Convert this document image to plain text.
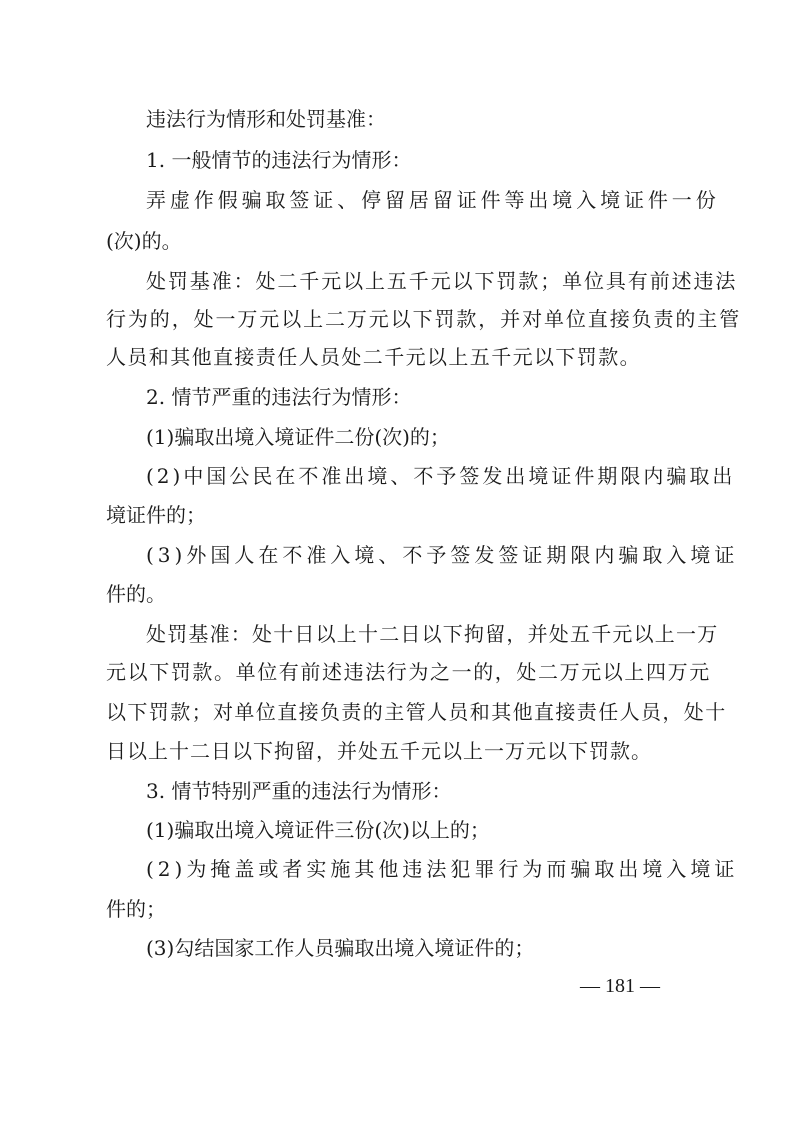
违法行为情形和处罚基准：
1. 一般情节的违法行为情形：
弄虚作假骗取签证、停留居留证件等出境入境证件一份
(次)的。
处罚基准：处二千元以上五千元以下罚款；单位具有前述违法
行为的，处一万元以上二万元以下罚款，并对单位直接负责的主管
人员和其他直接责任人员处二千元以上五千元以下罚款。
2. 情节严重的违法行为情形：
(1)骗取出境入境证件二份(次)的；
(2)中国公民在不准出境、不予签发出境证件期限内骗取出
境证件的；
(3)外国人在不准入境、不予签发签证期限内骗取入境证
件的。
处罚基准：处十日以上十二日以下拘留，并处五千元以上一万
元以下罚款。单位有前述违法行为之一的，处二万元以上四万元
以下罚款；对单位直接负责的主管人员和其他直接责任人员，处十
日以上十二日以下拘留，并处五千元以上一万元以下罚款。
3. 情节特别严重的违法行为情形：
(1)骗取出境入境证件三份(次)以上的；
(2)为掩盖或者实施其他违法犯罪行为而骗取出境入境证
件的；
(3)勾结国家工作人员骗取出境入境证件的；
— 181 —
